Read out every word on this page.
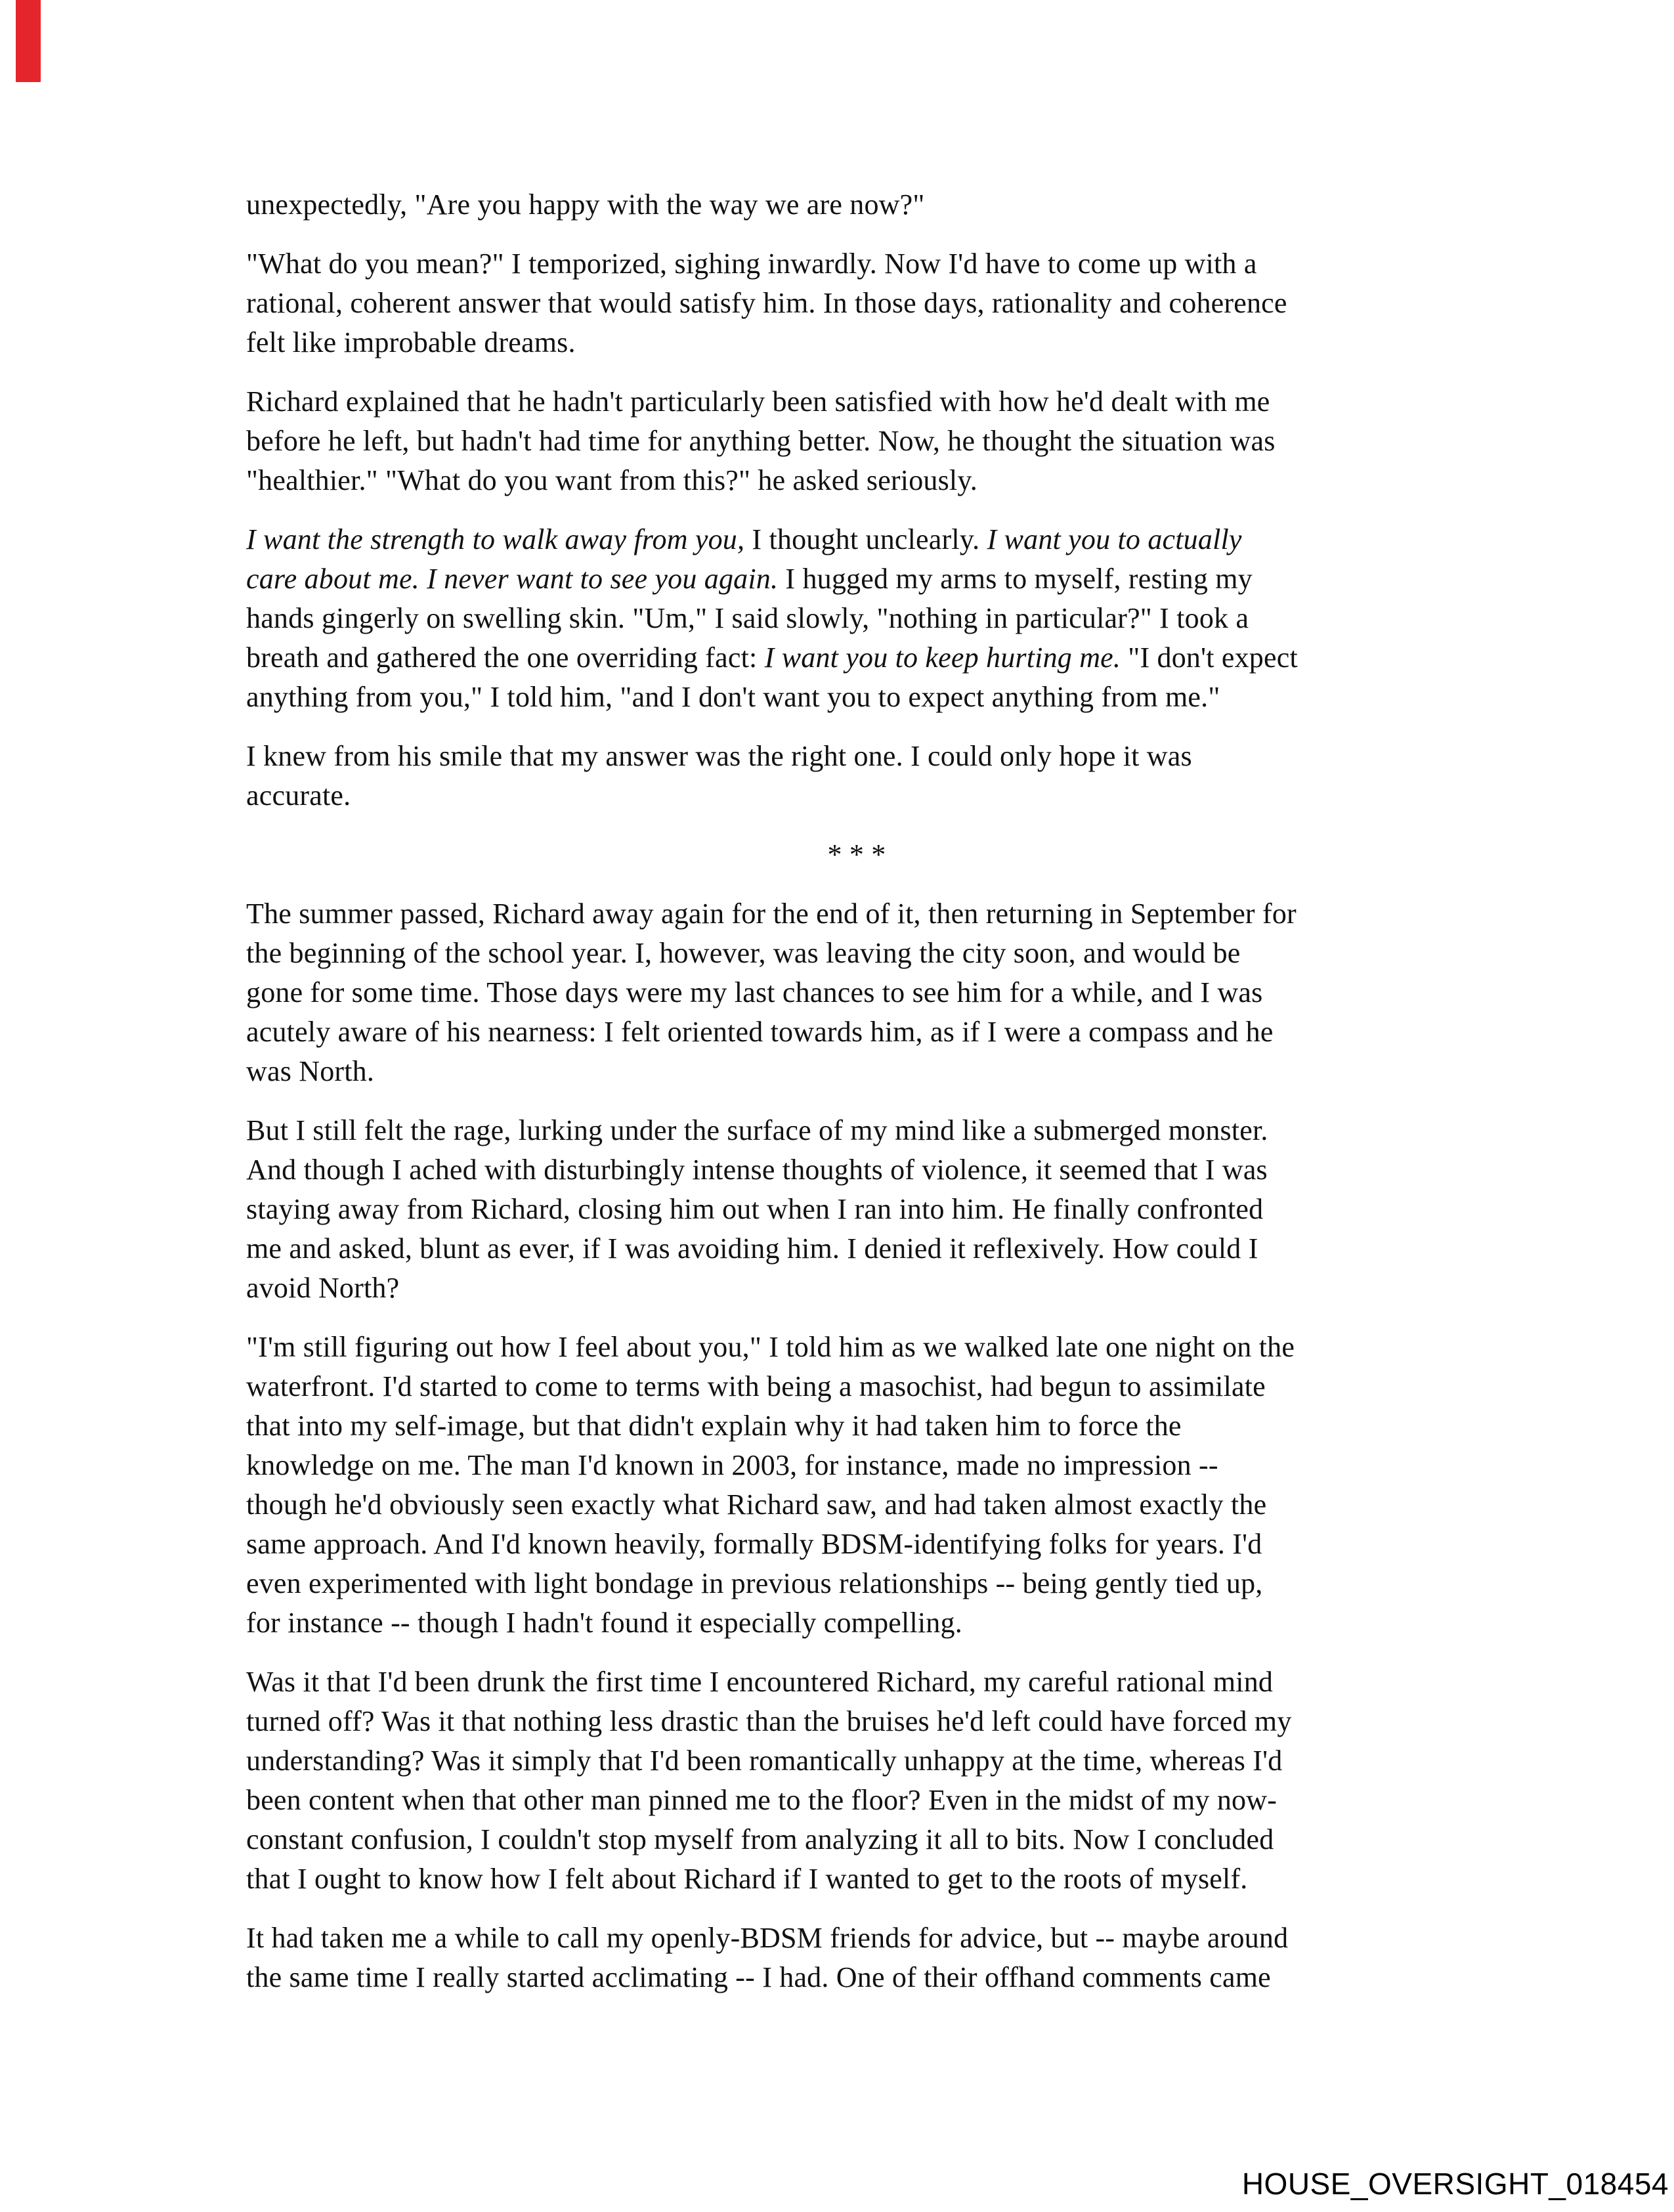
unexpectedly, "Are you happy with the way we are now?"
"What do you mean?" I temporized, sighing inwardly. Now I'd have to come up with a
rational, coherent answer that would satisfy him. In those days, rationality and coherence
felt like improbable dreams.
Richard explained that he hadn't particularly been satisfied with how he'd dealt with me
before he left, but hadn't had time for anything better. Now, he thought the situation was
"healthier." "What do you want from this?" he asked seriously.
I want the strength to walk away from you, I thought unclearly. I want you to actually
care about me. I never want to see you again. I hugged my arms to myself, resting my
hands gingerly on swelling skin. "Um," I said slowly, "nothing in particular?" I took a
breath and gathered the one overriding fact: I want you to keep hurting me. "I don't expect
anything from you," I told him, "and I don't want you to expect anything from me."
I knew from his smile that my answer was the right one. I could only hope it was
accurate.
* * *
The summer passed, Richard away again for the end of it, then returning in September for
the beginning of the school year. I, however, was leaving the city soon, and would be
gone for some time. Those days were my last chances to see him for a while, and I was
acutely aware of his nearness: I felt oriented towards him, as if I were a compass and he
was North.
But I still felt the rage, lurking under the surface of my mind like a submerged monster.
And though I ached with disturbingly intense thoughts of violence, it seemed that I was
staying away from Richard, closing him out when I ran into him. He finally confronted
me and asked, blunt as ever, if I was avoiding him. I denied it reflexively. How could I
avoid North?
"I'm still figuring out how I feel about you," I told him as we walked late one night on the
waterfront. I'd started to come to terms with being a masochist, had begun to assimilate
that into my self-image, but that didn't explain why it had taken him to force the
knowledge on me. The man I'd known in 2003, for instance, made no impression --
though he'd obviously seen exactly what Richard saw, and had taken almost exactly the
same approach. And I'd known heavily, formally BDSM-identifying folks for years. I'd
even experimented with light bondage in previous relationships -- being gently tied up,
for instance -- though I hadn't found it especially compelling.
Was it that I'd been drunk the first time I encountered Richard, my careful rational mind
turned off? Was it that nothing less drastic than the bruises he'd left could have forced my
understanding? Was it simply that I'd been romantically unhappy at the time, whereas I'd
been content when that other man pinned me to the floor? Even in the midst of my now-
constant confusion, I couldn't stop myself from analyzing it all to bits. Now I concluded
that I ought to know how I felt about Richard if I wanted to get to the roots of myself.
It had taken me a while to call my openly-BDSM friends for advice, but -- maybe around
the same time I really started acclimating -- I had. One of their offhand comments came
HOUSE_OVERSIGHT_018454
